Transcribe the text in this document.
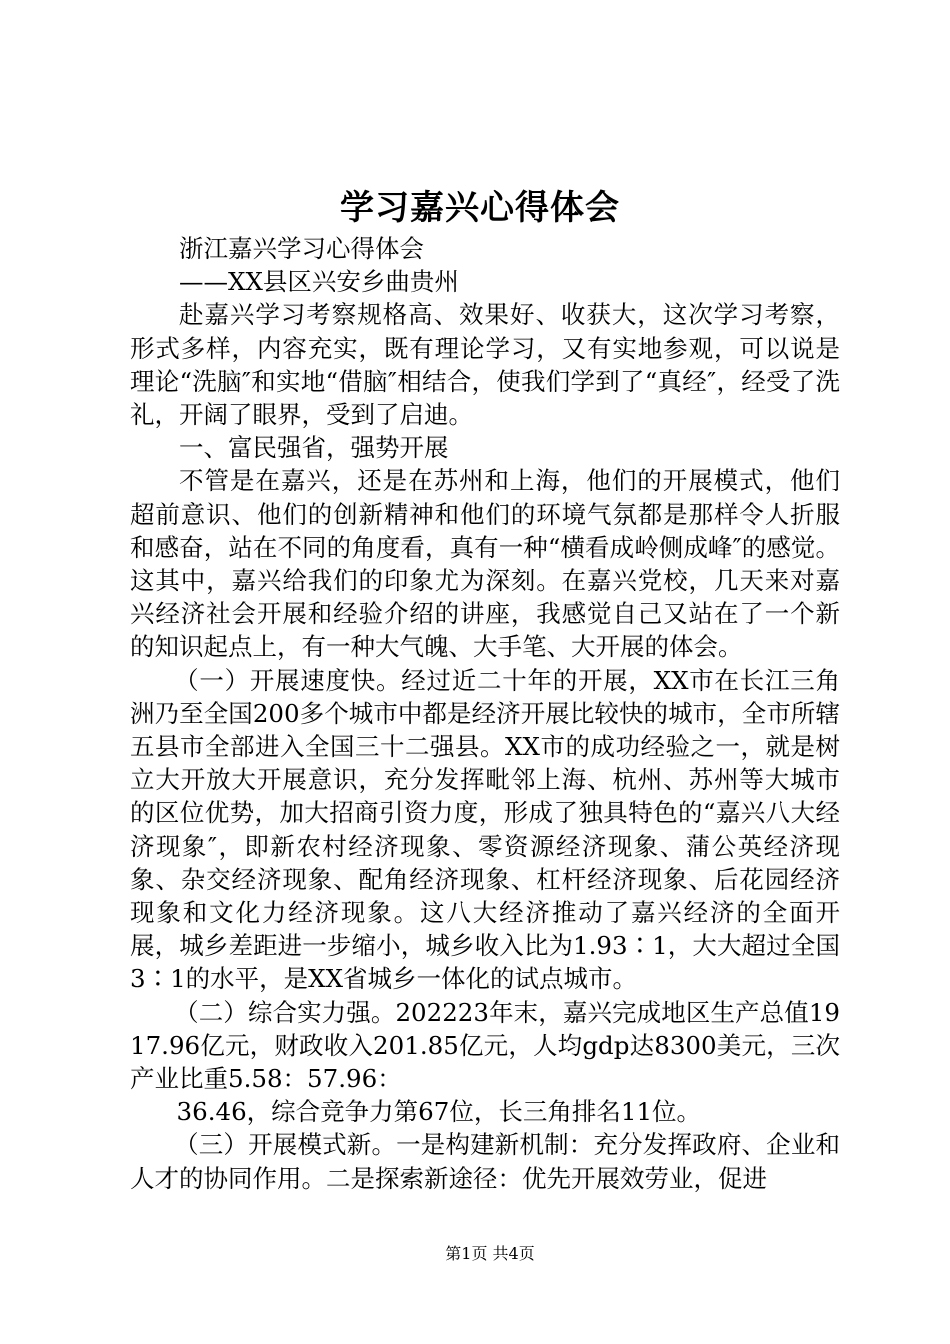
学习嘉兴心得体会

浙江嘉兴学习心得体会

——XX县区兴安乡曲贵州

赴嘉兴学习考察规格高、效果好、收获大，这次学习考察，形式多样，内容充实，既有理论学习，又有实地参观，可以说是理论“洗脑″和实地“借脑″相结合，使我们学到了“真经″，经受了洗礼，开阔了眼界，受到了启迪。

一、富民强省，强势开展

不管是在嘉兴，还是在苏州和上海，他们的开展模式，他们超前意识、他们的创新精神和他们的环境气氛都是那样令人折服和感奋，站在不同的角度看，真有一种“横看成岭侧成峰″的感觉。这其中，嘉兴给我们的印象尤为深刻。在嘉兴党校，几天来对嘉兴经济社会开展和经验介绍的讲座，我感觉自己又站在了一个新的知识起点上，有一种大气魄、大手笔、大开展的体会。

（一）开展速度快。经过近二十年的开展，XX市在长江三角洲乃至全国200多个城市中都是经济开展比较快的城市，全市所辖五县市全部进入全国三十二强县。XX市的成功经验之一，就是树立大开放大开展意识，充分发挥毗邻上海、杭州、苏州等大城市的区位优势，加大招商引资力度，形成了独具特色的“嘉兴八大经济现象″，即新农村经济现象、零资源经济现象、蒲公英经济现象、杂交经济现象、配角经济现象、杠杆经济现象、后花园经济现象和文化力经济现象。这八大经济推动了嘉兴经济的全面开展，城乡差距进一步缩小，城乡收入比为1.93∶1，大大超过全国3∶1的水平，是XX省城乡一体化的试点城市。

（二）综合实力强。202223年末，嘉兴完成地区生产总值1917.96亿元，财政收入201.85亿元，人均gdp达8300美元，三次产业比重5.58：57.96：

36.46，综合竞争力第67位，长三角排名11位。

（三）开展模式新。一是构建新机制：充分发挥政府、企业和人才的协同作用。二是探索新途径：优先开展效劳业，促进

第1页 共4页
